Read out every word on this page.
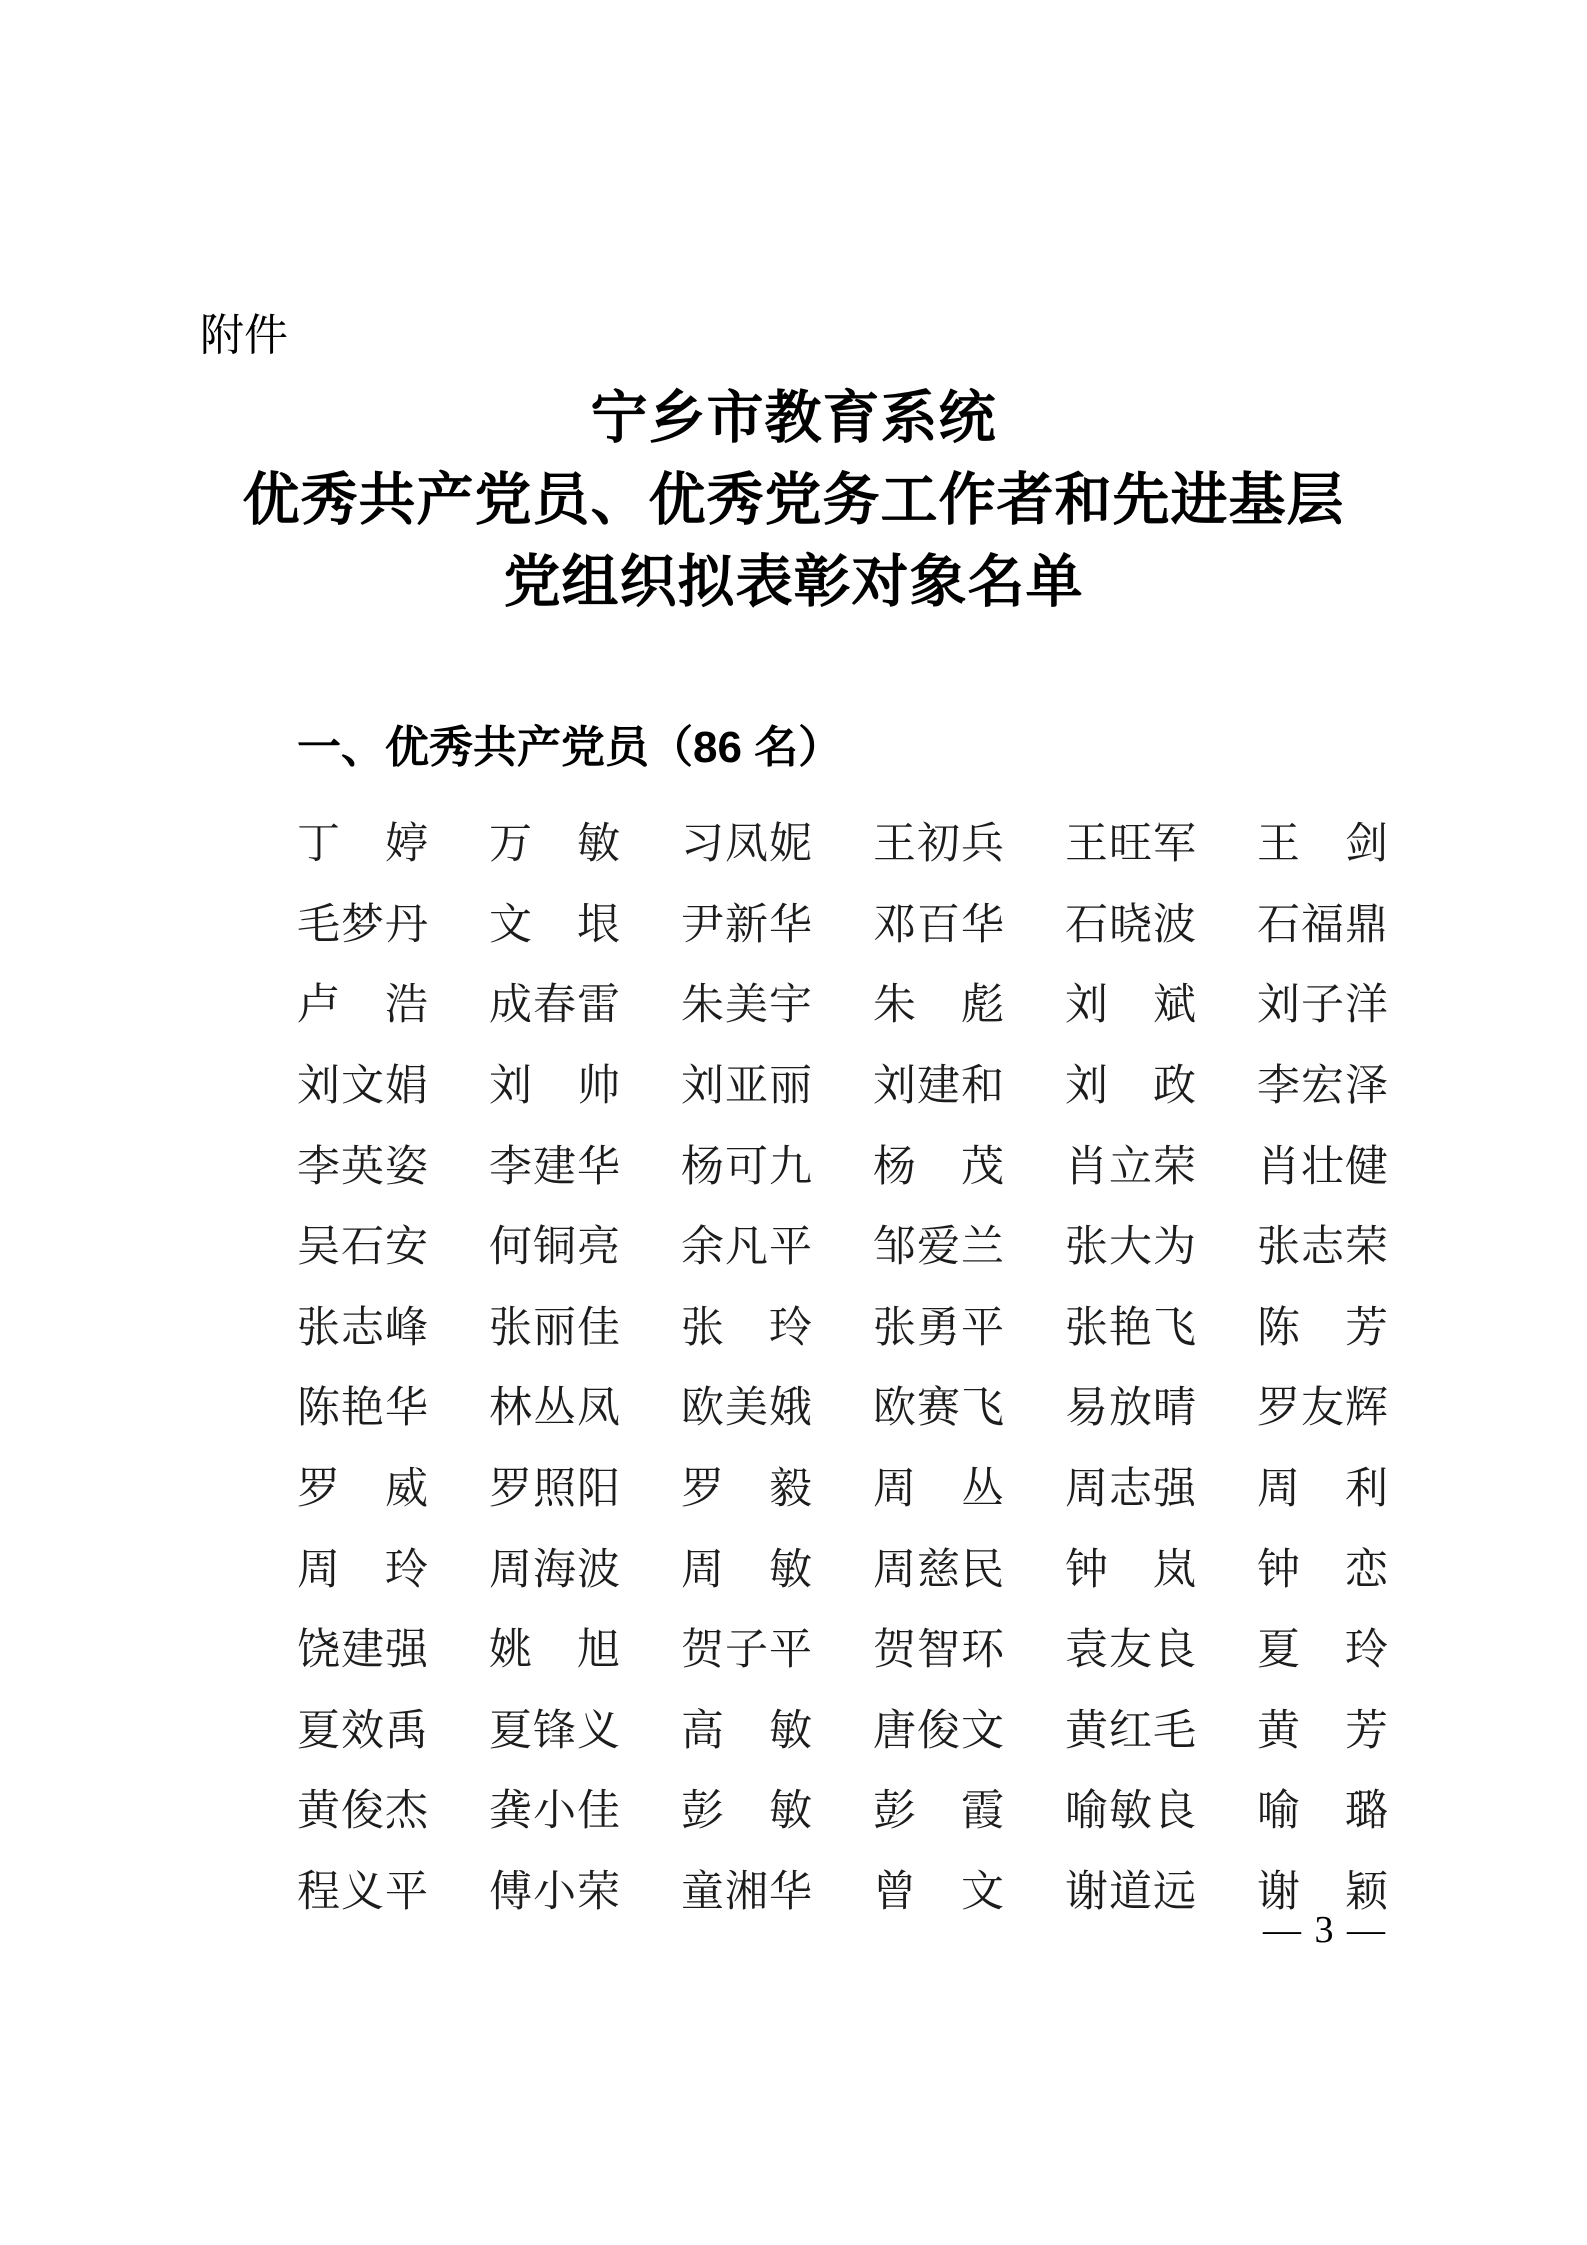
附件
宁乡市教育系统
优秀共产党员、优秀党务工作者和先进基层
党组织拟表彰对象名单
一、优秀共产党员（86 名）
丁　婷 万　敏 习凤妮 王初兵 王旺军 王　剑
毛梦丹 文　垠 尹新华 邓百华 石晓波 石福鼎
卢　浩 成春雷 朱美宇 朱　彪 刘　斌 刘子洋
刘文娟 刘　帅 刘亚丽 刘建和 刘　政 李宏泽
李英姿 李建华 杨可九 杨　茂 肖立荣 肖壮健
吴石安 何铜亮 余凡平 邹爱兰 张大为 张志荣
张志峰 张丽佳 张　玲 张勇平 张艳飞 陈　芳
陈艳华 林丛凤 欧美娥 欧赛飞 易放晴 罗友辉
罗　威 罗照阳 罗　毅 周　丛 周志强 周　利
周　玲 周海波 周　敏 周慈民 钟　岚 钟　恋
饶建强 姚　旭 贺子平 贺智环 袁友良 夏　玲
夏效禹 夏锋义 高　敏 唐俊文 黄红毛 黄　芳
黄俊杰 龚小佳 彭　敏 彭　霞 喻敏良 喻　璐
程义平 傅小荣 童湘华 曾　文 谢道远 谢　颖
— 3 —
